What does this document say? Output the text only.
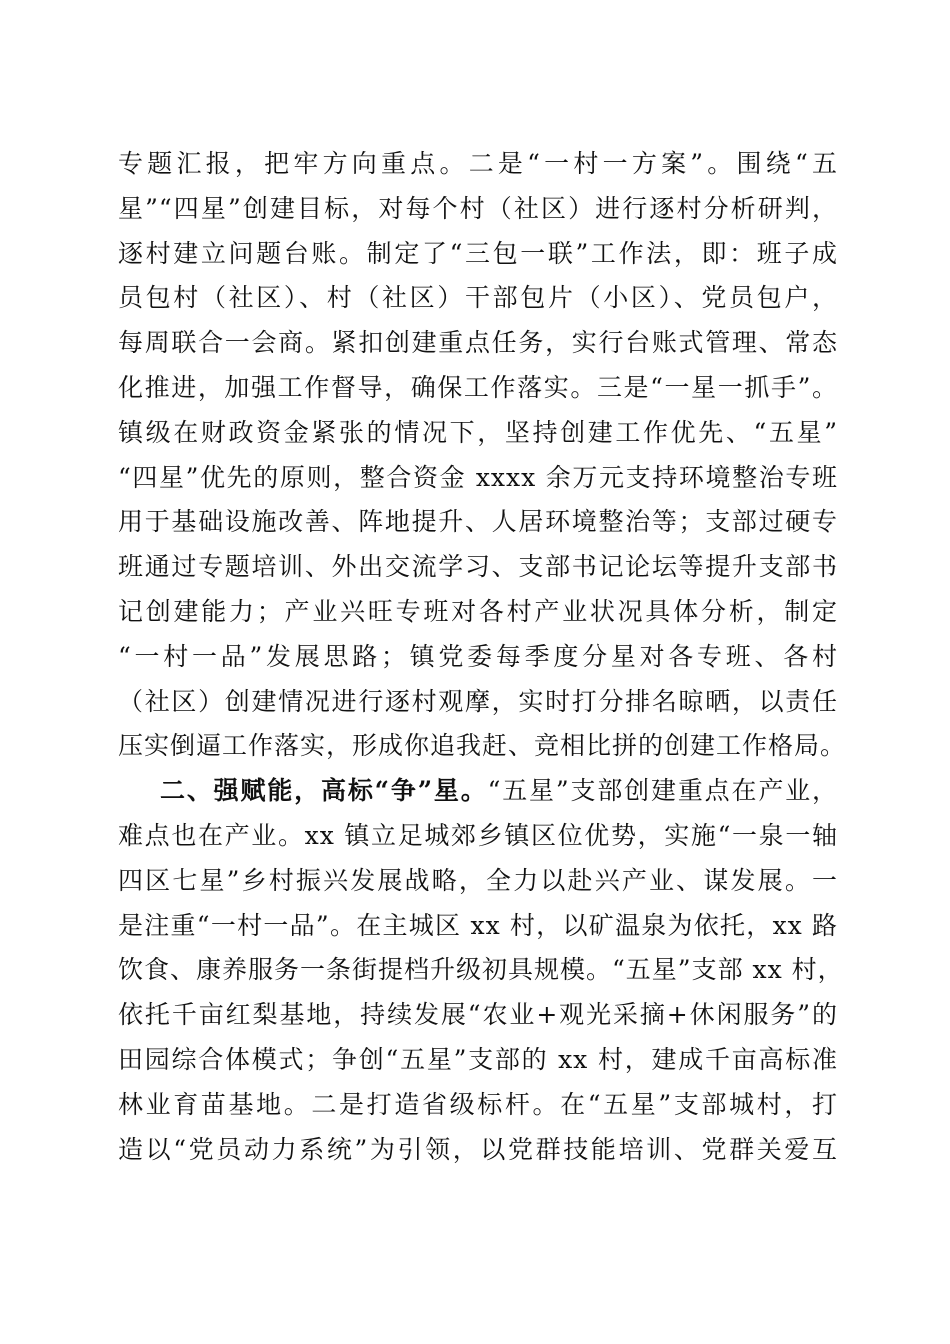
专题汇报，把牢方向重点。二是“一村一方案”。围绕“五
星”“四星”创建目标，对每个村（社区）进行逐村分析研判，
逐村建立问题台账。制定了“三包一联”工作法，即：班子成
员包村（社区）、村（社区）干部包片（小区）、党员包户，
每周联合一会商。紧扣创建重点任务，实行台账式管理、常态
化推进，加强工作督导，确保工作落实。三是“一星一抓手”。
镇级在财政资金紧张的情况下，坚持创建工作优先、“五星”
“四星”优先的原则，整合资金 xxxx 余万元支持环境整治专班
用于基础设施改善、阵地提升、人居环境整治等；支部过硬专
班通过专题培训、外出交流学习、支部书记论坛等提升支部书
记创建能力；产业兴旺专班对各村产业状况具体分析，制定
“一村一品”发展思路；镇党委每季度分星对各专班、各村
（社区）创建情况进行逐村观摩，实时打分排名晾晒，以责任
压实倒逼工作落实，形成你追我赶、竞相比拼的创建工作格局。
二、强赋能，高标“争”星。“五星”支部创建重点在产业，
难点也在产业。xx 镇立足城郊乡镇区位优势，实施“一泉一轴
四区七星”乡村振兴发展战略，全力以赴兴产业、谋发展。一
是注重“一村一品”。在主城区 xx 村，以矿温泉为依托，xx 路
饮食、康养服务一条街提档升级初具规模。“五星”支部 xx 村，
依托千亩红梨基地，持续发展“农业+观光采摘+休闲服务”的
田园综合体模式；争创“五星”支部的 xx 村，建成千亩高标准
林业育苗基地。二是打造省级标杆。在“五星”支部城村，打
造以“党员动力系统”为引领，以党群技能培训、党群关爱互
